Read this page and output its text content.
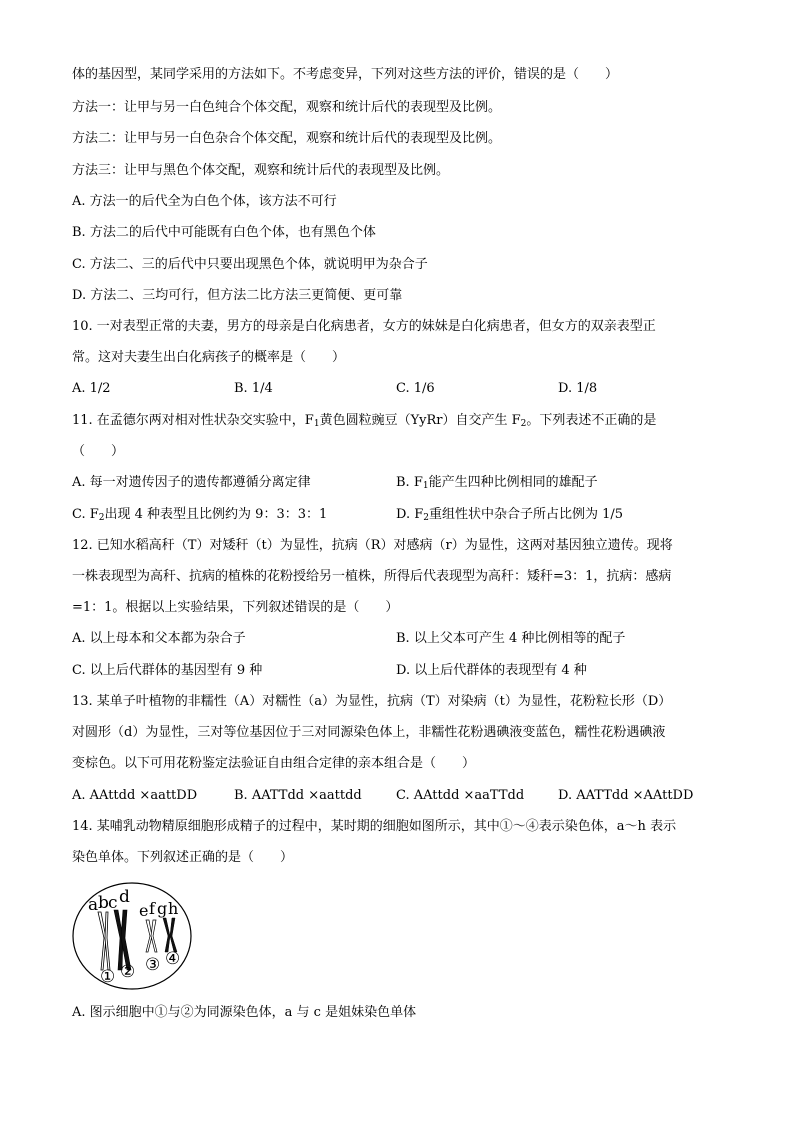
体的基因型，某同学采用的方法如下。不考虑变异，下列对这些方法的评价，错误的是（　　）
方法一：让甲与另一白色纯合个体交配，观察和统计后代的表现型及比例。
方法二：让甲与另一白色杂合个体交配，观察和统计后代的表现型及比例。
方法三：让甲与黑色个体交配，观察和统计后代的表现型及比例。
A. 方法一的后代全为白色个体，该方法不可行
B. 方法二的后代中可能既有白色个体，也有黑色个体
C. 方法二、三的后代中只要出现黑色个体，就说明甲为杂合子
D. 方法二、三均可行，但方法二比方法三更简便、更可靠
10. 一对表型正常的夫妻，男方的母亲是白化病患者，女方的妹妹是白化病患者，但女方的双亲表型正
常。这对夫妻生出白化病孩子的概率是（　　）
A. 1/2	B. 1/4	C. 1/6	D. 1/8
11. 在孟德尔两对相对性状杂交实验中，$F_1$黄色圆粒豌豆（YyRr）自交产生 $F_2$。下列表述不正确的是
（　　）
A. 每一对遗传因子的遗传都遵循分离定律	B. $F_1$能产生四种比例相同的雄配子
C. $F_2$出现 4 种表型且比例约为 9：3：3：1	D. $F_2$重组性状中杂合子所占比例为 1/5
12. 已知水稻高秆（T）对矮秆（t）为显性，抗病（R）对感病（r）为显性，这两对基因独立遗传。现将
一株表现型为高秆、抗病的植株的花粉授给另一植株，所得后代表现型为高秆：矮秆=3：1，抗病：感病
=1：1。根据以上实验结果，下列叙述错误的是（　　）
A. 以上母本和父本都为杂合子	B. 以上父本可产生 4 种比例相等的配子
C. 以上后代群体的基因型有 9 种	D. 以上后代群体的表现型有 4 种
13. 某单子叶植物的非糯性（A）对糯性（a）为显性，抗病（T）对染病（t）为显性，花粉粒长形（D）
对圆形（d）为显性，三对等位基因位于三对同源染色体上，非糯性花粉遇碘液变蓝色，糯性花粉遇碘液
变棕色。以下可用花粉鉴定法验证自由组合定律的亲本组合是（　　）
A. AAttdd ×aattDD	B. AATTdd ×aattdd	C. AAttdd ×aaTTdd	D. AATTdd ×AAttDD
14. 某哺乳动物精原细胞形成精子的过程中，某时期的细胞如图所示，其中①～④表示染色体，a～h 表示
染色单体。下列叙述正确的是（　　）
a b c d
e f g h
① ② ③ ④
A. 图示细胞中①与②为同源染色体，a 与 c 是姐妹染色单体
